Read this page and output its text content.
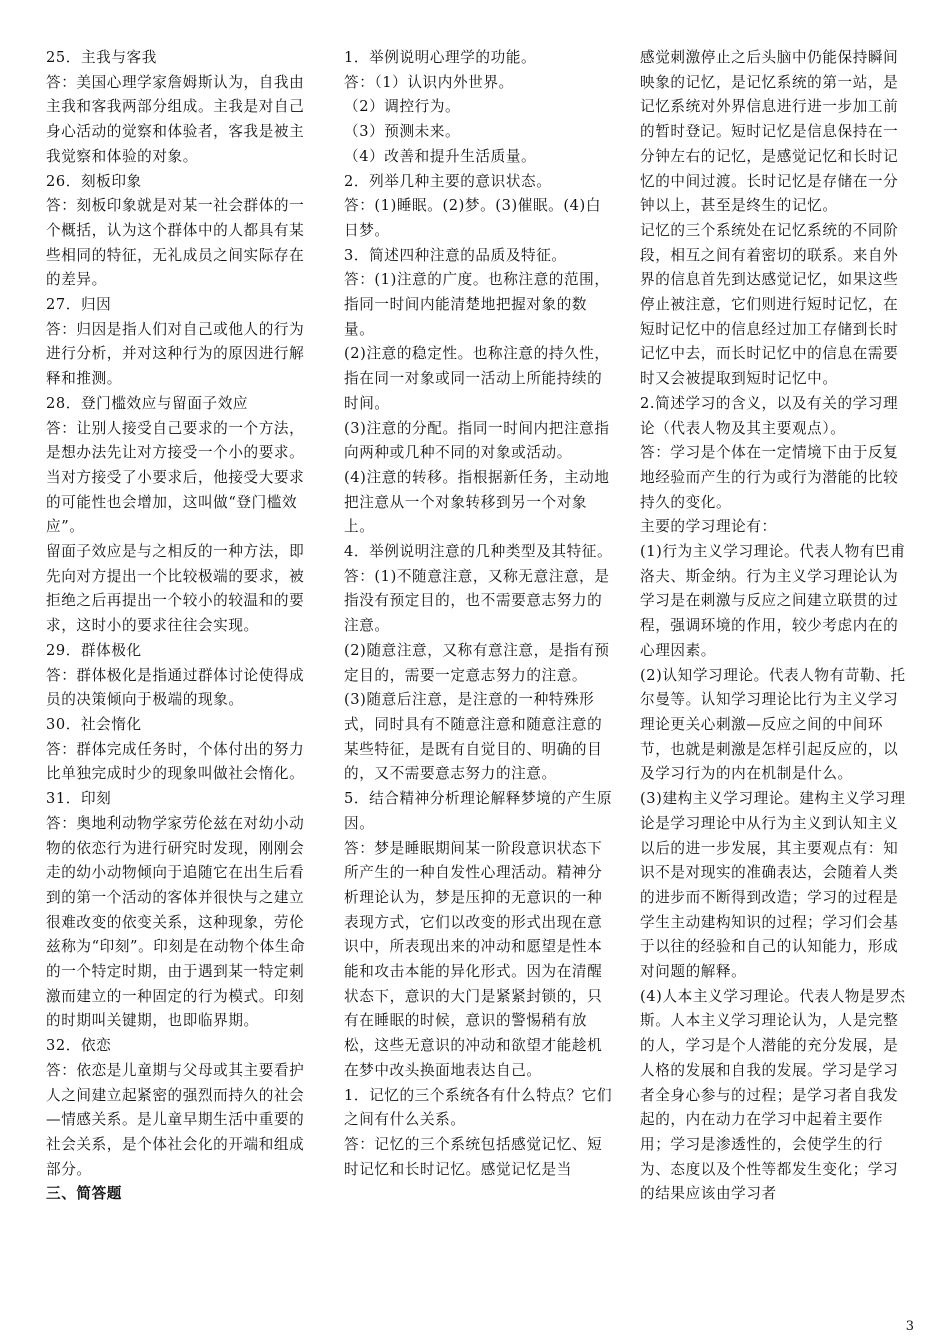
25．主我与客我

答：美国心理学家詹姆斯认为，自我由主我和客我两部分组成。主我是对自己身心活动的觉察和体验者，客我是被主我觉察和体验的对象。

26．刻板印象

答：刻板印象就是对某一社会群体的一个概括，认为这个群体中的人都具有某些相同的特征，无礼成员之间实际存在的差异。

27．归因

答：归因是指人们对自己或他人的行为进行分析，并对这种行为的原因进行解释和推测。

28．登门槛效应与留面子效应

答：让别人接受自己要求的一个方法，是想办法先让对方接受一个小的要求。当对方接受了小要求后，他接受大要求的可能性也会增加，这叫做“登门槛效应”。

留面子效应是与之相反的一种方法，即先向对方提出一个比较极端的要求，被拒绝之后再提出一个较小的较温和的要求，这时小的要求往往会实现。

29．群体极化

答：群体极化是指通过群体讨论使得成员的决策倾向于极端的现象。

30．社会惰化

答：群体完成任务时，个体付出的努力比单独完成时少的现象叫做社会惰化。

31．印刻

答：奥地利动物学家劳伦兹在对幼小动物的依恋行为进行研究时发现，刚刚会走的幼小动物倾向于追随它在出生后看到的第一个活动的客体并很快与之建立很难改变的依变关系，这种现象，劳伦兹称为“印刻”。印刻是在动物个体生命的一个特定时期，由于遇到某一特定刺激而建立的一种固定的行为模式。印刻的时期叫关键期，也即临界期。

32．依恋

答：依恋是儿童期与父母或其主要看护人之间建立起紧密的强烈而持久的社会—情感关系。是儿童早期生活中重要的社会关系，是个体社会化的开端和组成部分。

三、简答题

1．举例说明心理学的功能。

答：（1）认识内外世界。

（2）调控行为。

（3）预测未来。

（4）改善和提升生活质量。

2．列举几种主要的意识状态。

答：(1)睡眠。(2)梦。(3)催眠。(4)白日梦。

3．简述四种注意的品质及特征。

答：(1)注意的广度。也称注意的范围，指同一时间内能清楚地把握对象的数量。

(2)注意的稳定性。也称注意的持久性，指在同一对象或同一活动上所能持续的时间。

(3)注意的分配。指同一时间内把注意指向两种或几种不同的对象或活动。

(4)注意的转移。指根据新任务，主动地把注意从一个对象转移到另一个对象上。

4．举例说明注意的几种类型及其特征。

答：(1)不随意注意，又称无意注意，是指没有预定目的，也不需要意志努力的注意。

(2)随意注意，又称有意注意，是指有预定目的，需要一定意志努力的注意。

(3)随意后注意，是注意的一种特殊形式，同时具有不随意注意和随意注意的某些特征，是既有自觉目的、明确的目的，又不需要意志努力的注意。

5．结合精神分析理论解释梦境的产生原因。

答：梦是睡眠期间某一阶段意识状态下所产生的一种自发性心理活动。精神分析理论认为，梦是压抑的无意识的一种表现方式，它们以改变的形式出现在意识中，所表现出来的冲动和愿望是性本能和攻击本能的异化形式。因为在清醒状态下，意识的大门是紧紧封锁的，只有在睡眠的时候，意识的警惕稍有放松，这些无意识的冲动和欲望才能趁机在梦中改头换面地表达自己。

1．记忆的三个系统各有什么特点？它们之间有什么关系。

答：记忆的三个系统包括感觉记忆、短时记忆和长时记忆。感觉记忆是当

感觉刺激停止之后头脑中仍能保持瞬间映象的记忆，是记忆系统的第一站，是记忆系统对外界信息进行进一步加工前的暂时登记。短时记忆是信息保持在一分钟左右的记忆，是感觉记忆和长时记忆的中间过渡。长时记忆是存储在一分钟以上，甚至是终生的记忆。

记忆的三个系统处在记忆系统的不同阶段，相互之间有着密切的联系。来自外界的信息首先到达感觉记忆，如果这些停止被注意，它们则进行短时记忆，在短时记忆中的信息经过加工存储到长时记忆中去，而长时记忆中的信息在需要时又会被提取到短时记忆中。

2.简述学习的含义，以及有关的学习理论（代表人物及其主要观点）。

答：学习是个体在一定情境下由于反复地经验而产生的行为或行为潜能的比较持久的变化。

主要的学习理论有：

(1)行为主义学习理论。代表人物有巴甫洛夫、斯金纳。行为主义学习理论认为学习是在刺激与反应之间建立联贯的过程，强调环境的作用，较少考虑内在的心理因素。

(2)认知学习理论。代表人物有苛勒、托尔曼等。认知学习理论比行为主义学习理论更关心刺激—反应之间的中间环节，也就是刺激是怎样引起反应的，以及学习行为的内在机制是什么。

(3)建构主义学习理论。建构主义学习理论是学习理论中从行为主义到认知主义以后的进一步发展，其主要观点有：知识不是对现实的准确表达，会随着人类的进步而不断得到改造；学习的过程是学生主动建构知识的过程；学习们会基于以往的经验和自己的认知能力，形成对问题的解释。

(4)人本主义学习理论。代表人物是罗杰斯。人本主义学习理论认为，人是完整的人，学习是个人潜能的充分发展，是人格的发展和自我的发展。学习是学习者全身心参与的过程；是学习者自我发起的，内在动力在学习中起着主要作用；学习是渗透性的，会使学生的行为、态度以及个性等都发生变化；学习的结果应该由学习者

3
